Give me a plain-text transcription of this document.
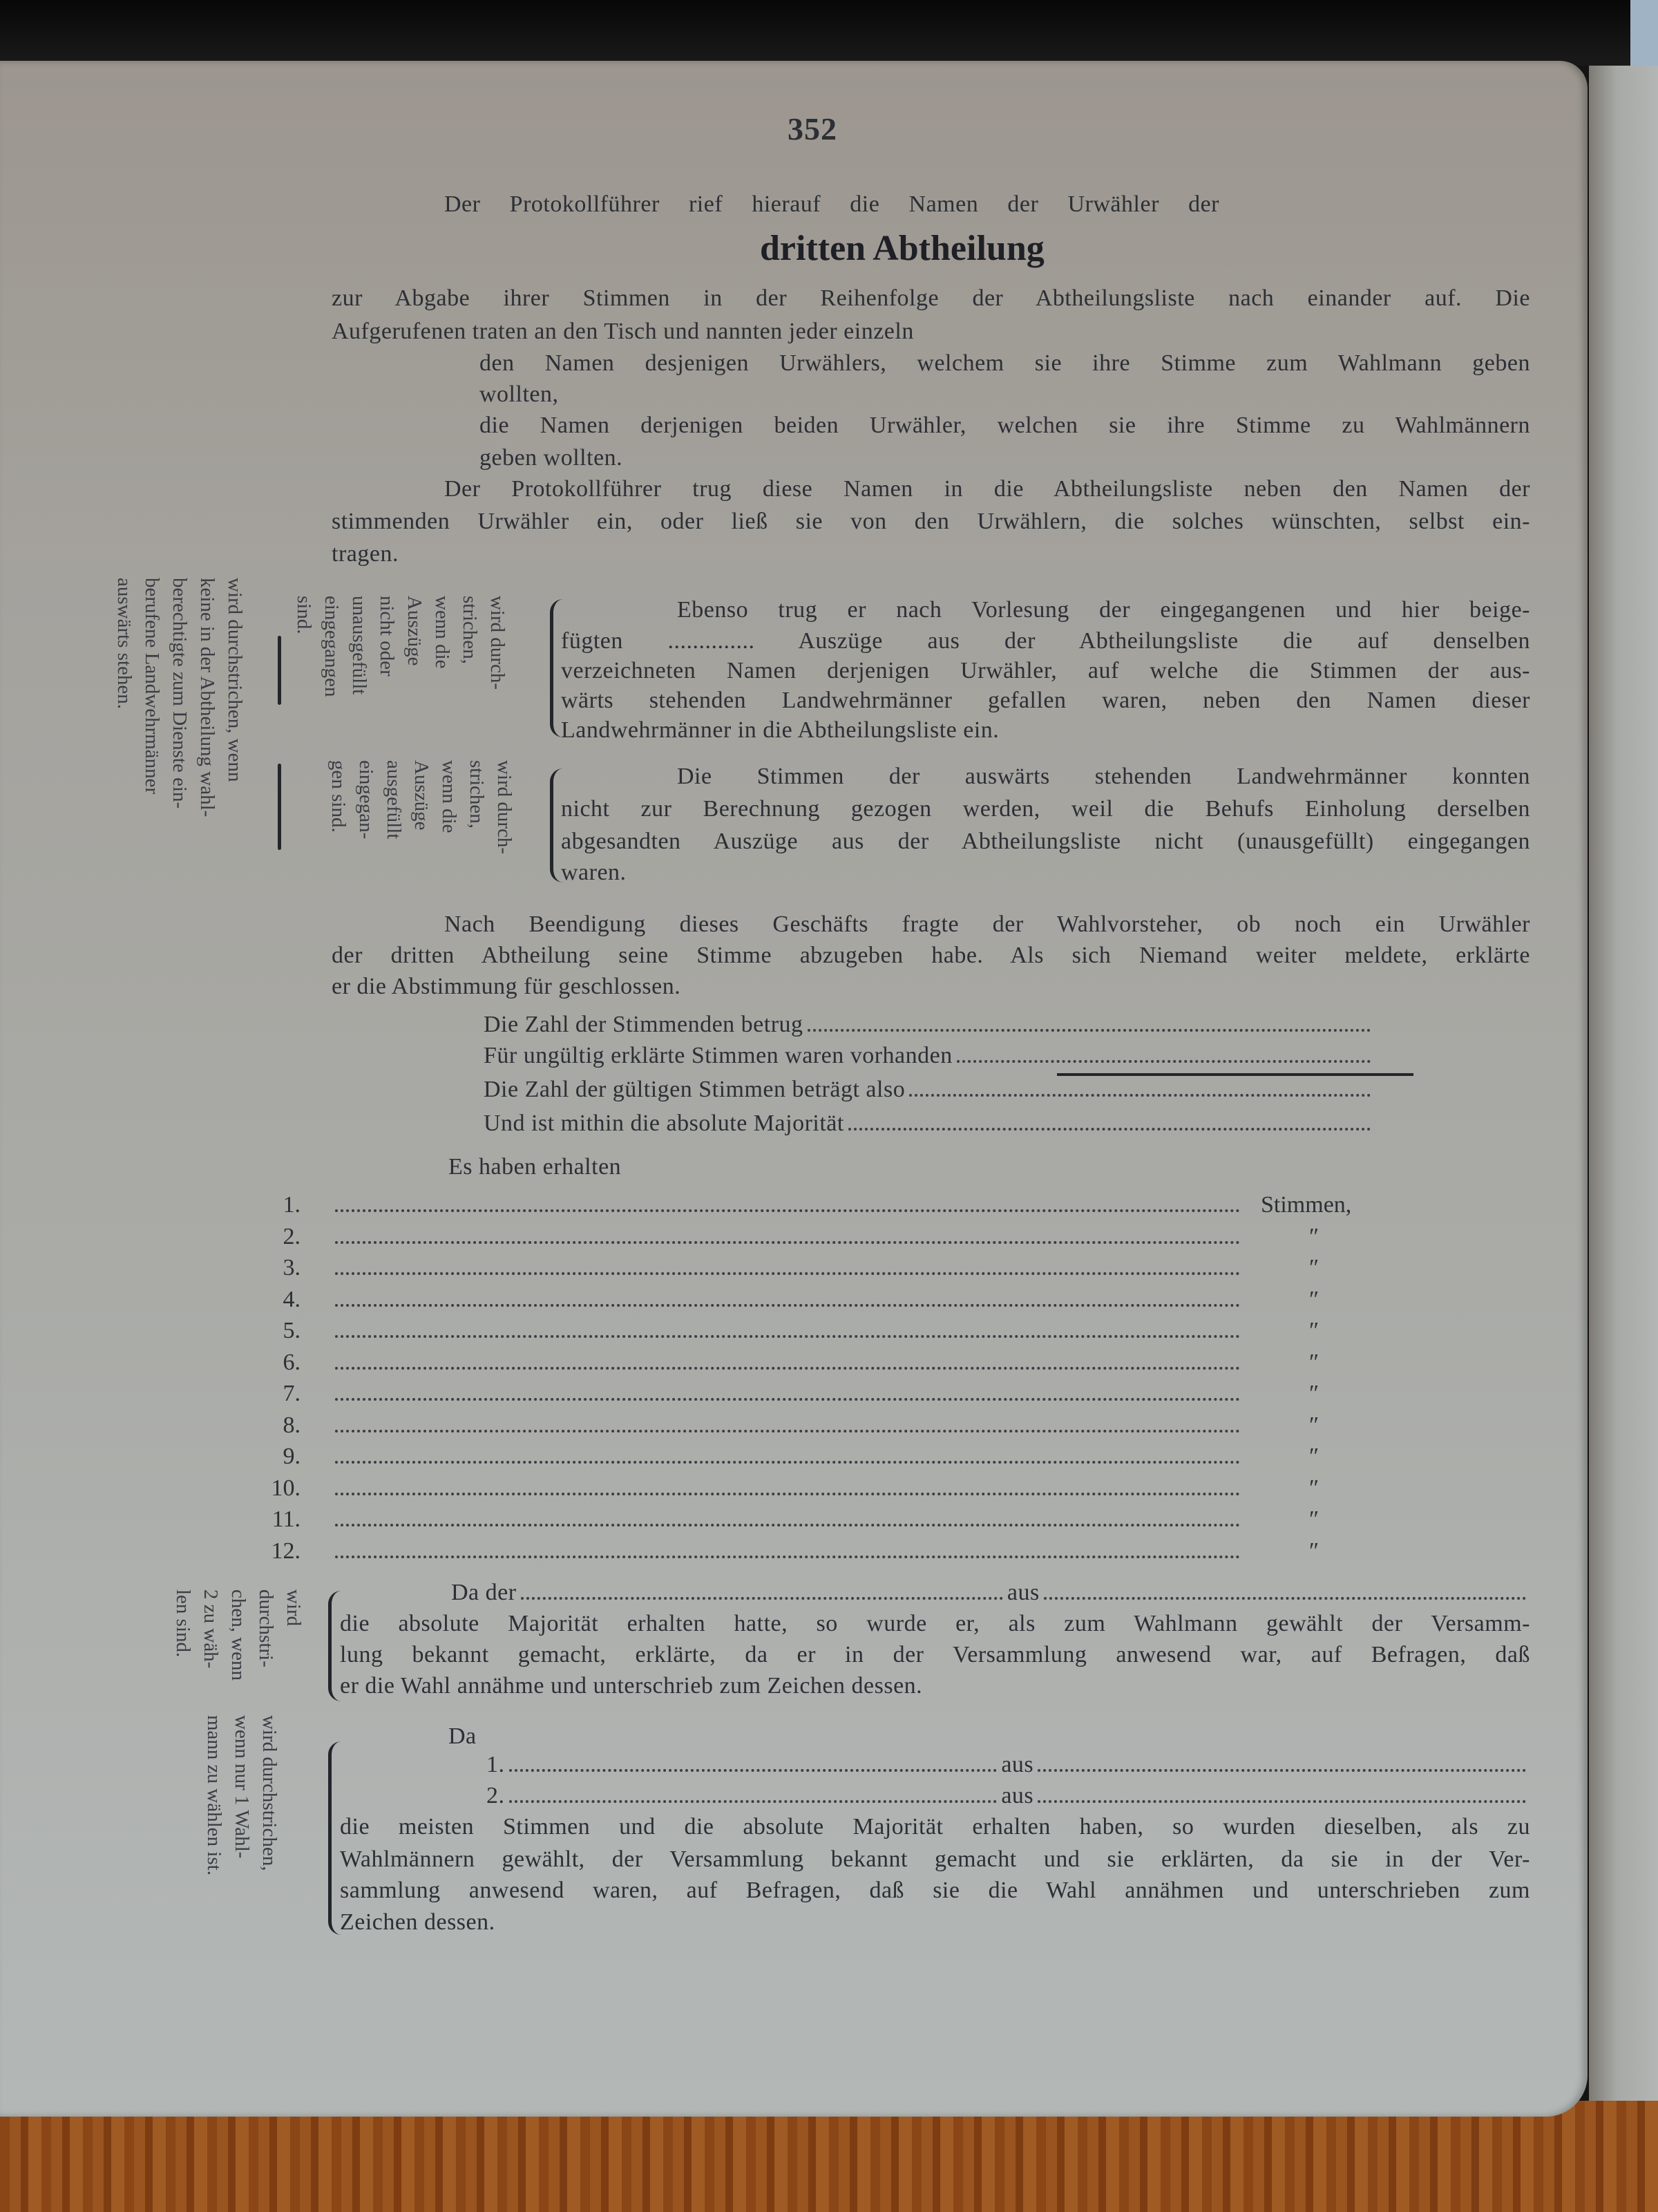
352
Der Protokollführer rief hierauf die Namen der Urwähler der
dritten Abtheilung
zur Abgabe ihrer Stimmen in der Reihenfolge der Abtheilungsliste nach einander auf. Die
Aufgerufenen traten an den Tisch und nannten jeder einzeln
den Namen desjenigen Urwählers, welchem sie ihre Stimme zum Wahlmann geben
wollten,
die Namen derjenigen beiden Urwähler, welchen sie ihre Stimme zu Wahlmännern
geben wollten.
Der Protokollführer trug diese Namen in die Abtheilungsliste neben den Namen der
stimmenden Urwähler ein, oder ließ sie von den Urwählern, die solches wünschten, selbst ein-
tragen.
Ebenso trug er nach Vorlesung der eingegangenen und hier beige-
fügten .............. Auszüge aus der Abtheilungsliste die auf denselben
verzeichneten Namen derjenigen Urwähler, auf welche die Stimmen der aus-
wärts stehenden Landwehrmänner gefallen waren, neben den Namen dieser
Landwehrmänner in die Abtheilungsliste ein.
Die Stimmen der auswärts stehenden Landwehrmänner konnten
nicht zur Berechnung gezogen werden, weil die Behufs Einholung derselben
abgesandten Auszüge aus der Abtheilungsliste nicht (unausgefüllt) eingegangen
waren.
wird durch-
strichen,
wenn die
Auszüge
nicht oder
unausgefüllt
eingegangen
sind.
wird durch-
strichen,
wenn die
Auszüge
ausgefüllt
eingegan-
gen sind.
wird durchstrichen, wenn
keine in der Abtheilung wahl-
berechtigte zum Dienste ein-
berufene Landwehrmänner
auswärts stehen.
Nach Beendigung dieses Geschäfts fragte der Wahlvorsteher, ob noch ein Urwähler
der dritten Abtheilung seine Stimme abzugeben habe. Als sich Niemand weiter meldete, erklärte
er die Abstimmung für geschlossen.
Die Zahl der Stimmenden betrug
Für ungültig erklärte Stimmen waren vorhanden
Die Zahl der gültigen Stimmen beträgt also
Und ist mithin die absolute Majorität
Es haben erhalten
1.	Stimmen,
2.	″
3.	″
4.	″
5.	″
6.	″
7.	″
8.	″
9.	″
10.	″
11.	″
12.	″
Da der	aus
die absolute Majorität erhalten hatte, so wurde er, als zum Wahlmann gewählt der Versamm-
lung bekannt gemacht, erklärte, da er in der Versammlung anwesend war, auf Befragen, daß
er die Wahl annähme und unterschrieb zum Zeichen dessen.
wird
durchstri-
chen, wenn
2 zu wäh-
len sind.
Da
1.	aus
2.	aus
die meisten Stimmen und die absolute Majorität erhalten haben, so wurden dieselben, als zu
Wahlmännern gewählt, der Versammlung bekannt gemacht und sie erklärten, da sie in der Ver-
sammlung anwesend waren, auf Befragen, daß sie die Wahl annähmen und unterschrieben zum
Zeichen dessen.
wird durchstrichen,
wenn nur 1 Wahl-
mann zu wählen ist.
